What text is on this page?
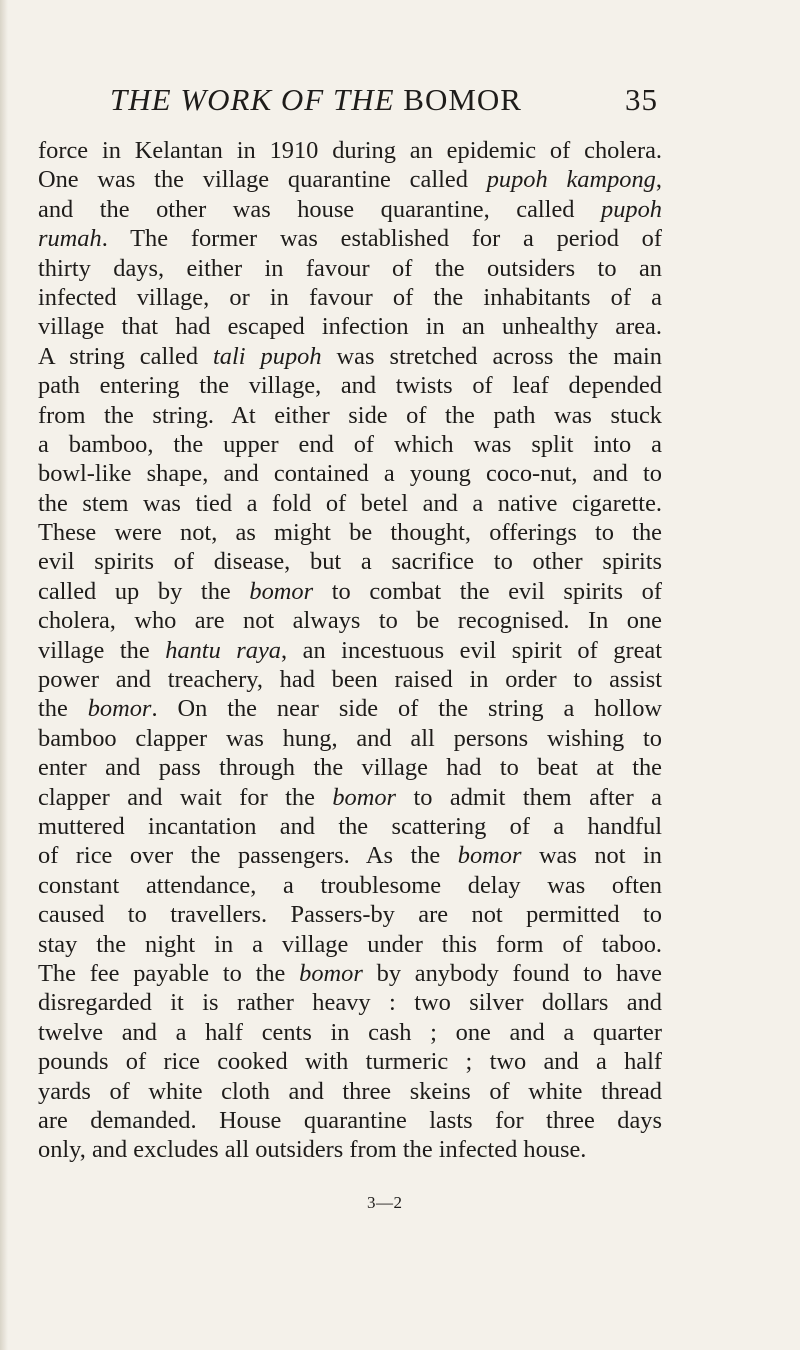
THE WORK OF THE BOMOR	35
force in Kelantan in 1910 during an epidemic of cholera.
One was the village quarantine called pupoh kampong,
and the other was house quarantine, called pupoh
rumah. The former was established for a period of
thirty days, either in favour of the outsiders to an
infected village, or in favour of the inhabitants of a
village that had escaped infection in an unhealthy area.
A string called tali pupoh was stretched across the main
path entering the village, and twists of leaf depended
from the string. At either side of the path was stuck
a bamboo, the upper end of which was split into a
bowl-like shape, and contained a young coco-nut, and to
the stem was tied a fold of betel and a native cigarette.
These were not, as might be thought, offerings to the
evil spirits of disease, but a sacrifice to other spirits
called up by the bomor to combat the evil spirits of
cholera, who are not always to be recognised. In one
village the hantu raya, an incestuous evil spirit of great
power and treachery, had been raised in order to assist
the bomor. On the near side of the string a hollow
bamboo clapper was hung, and all persons wishing to
enter and pass through the village had to beat at the
clapper and wait for the bomor to admit them after a
muttered incantation and the scattering of a handful
of rice over the passengers. As the bomor was not in
constant attendance, a troublesome delay was often
caused to travellers. Passers-by are not permitted to
stay the night in a village under this form of taboo.
The fee payable to the bomor by anybody found to have
disregarded it is rather heavy : two silver dollars and
twelve and a half cents in cash ; one and a quarter
pounds of rice cooked with turmeric ; two and a half
yards of white cloth and three skeins of white thread
are demanded. House quarantine lasts for three days
only, and excludes all outsiders from the infected house.
3—2
